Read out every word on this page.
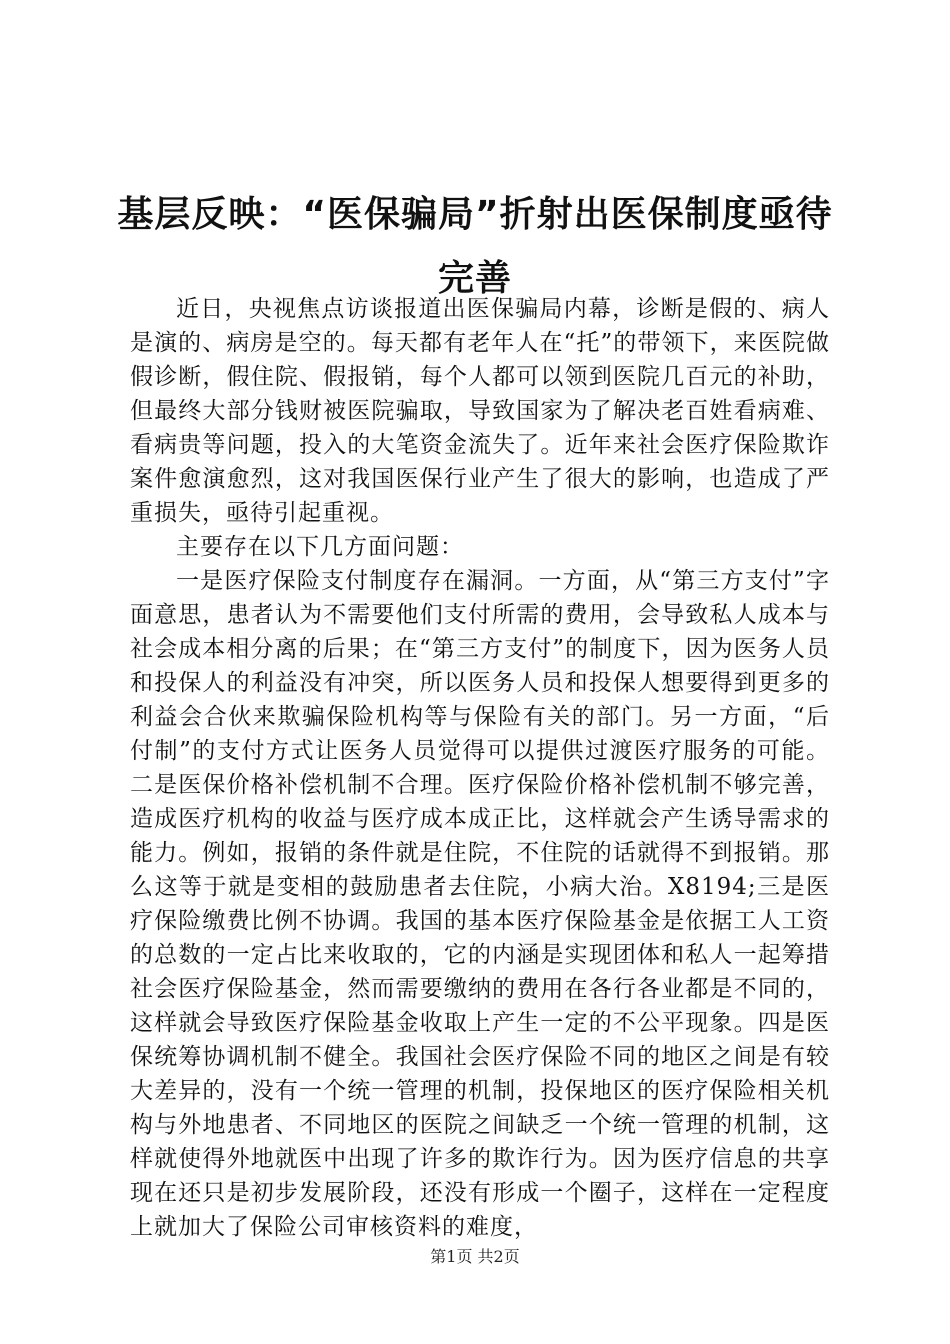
基层反映：“医保骗局”折射出医保制度亟待
完善

近日，央视焦点访谈报道出医保骗局内幕，诊断是假的、病人是演的、病房是空的。每天都有老年人在“托”的带领下，来医院做假诊断，假住院、假报销，每个人都可以领到医院几百元的补助，但最终大部分钱财被医院骗取，导致国家为了解决老百姓看病难、看病贵等问题，投入的大笔资金流失了。近年来社会医疗保险欺诈案件愈演愈烈，这对我国医保行业产生了很大的影响，也造成了严重损失，亟待引起重视。

主要存在以下几方面问题：

一是医疗保险支付制度存在漏洞。一方面，从“第三方支付”字面意思，患者认为不需要他们支付所需的费用，会导致私人成本与社会成本相分离的后果；在“第三方支付”的制度下，因为医务人员和投保人的利益没有冲突，所以医务人员和投保人想要得到更多的利益会合伙来欺骗保险机构等与保险有关的部门。另一方面，“后付制”的支付方式让医务人员觉得可以提供过渡医疗服务的可能。二是医保价格补偿机制不合理。医疗保险价格补偿机制不够完善，造成医疗机构的收益与医疗成本成正比，这样就会产生诱导需求的能力。例如，报销的条件就是住院，不住院的话就得不到报销。那么这等于就是变相的鼓励患者去住院，小病大治。X8194;三是医疗保险缴费比例不协调。我国的基本医疗保险基金是依据工人工资的总数的一定占比来收取的，它的内涵是实现团体和私人一起筹措社会医疗保险基金，然而需要缴纳的费用在各行各业都是不同的，这样就会导致医疗保险基金收取上产生一定的不公平现象。四是医保统筹协调机制不健全。我国社会医疗保险不同的地区之间是有较大差异的，没有一个统一管理的机制，投保地区的医疗保险相关机构与外地患者、不同地区的医院之间缺乏一个统一管理的机制，这样就使得外地就医中出现了许多的欺诈行为。因为医疗信息的共享现在还只是初步发展阶段，还没有形成一个圈子，这样在一定程度上就加大了保险公司审核资料的难度，

第1页 共2页
